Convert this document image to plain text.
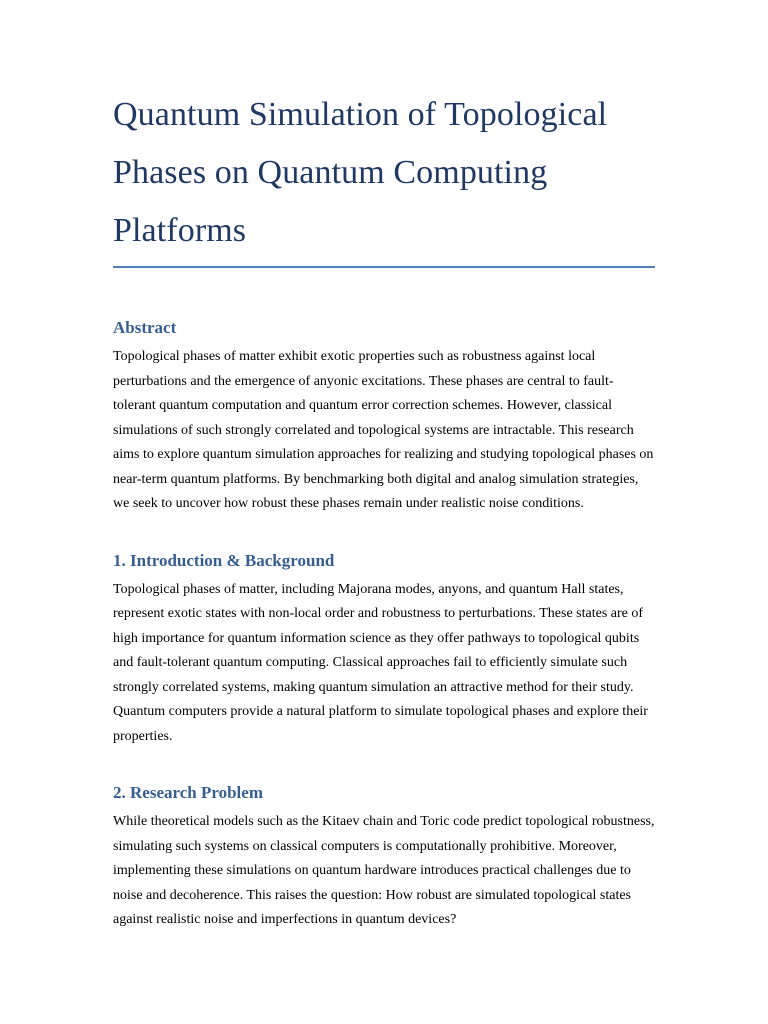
Quantum Simulation of Topological Phases on Quantum Computing Platforms
Abstract

Topological phases of matter exhibit exotic properties such as robustness against local perturbations and the emergence of anyonic excitations. These phases are central to fault-tolerant quantum computation and quantum error correction schemes. However, classical simulations of such strongly correlated and topological systems are intractable. This research aims to explore quantum simulation approaches for realizing and studying topological phases on near-term quantum platforms. By benchmarking both digital and analog simulation strategies, we seek to uncover how robust these phases remain under realistic noise conditions.

1. Introduction & Background

Topological phases of matter, including Majorana modes, anyons, and quantum Hall states, represent exotic states with non-local order and robustness to perturbations. These states are of high importance for quantum information science as they offer pathways to topological qubits and fault-tolerant quantum computing. Classical approaches fail to efficiently simulate such strongly correlated systems, making quantum simulation an attractive method for their study. Quantum computers provide a natural platform to simulate topological phases and explore their properties.

2. Research Problem

While theoretical models such as the Kitaev chain and Toric code predict topological robustness, simulating such systems on classical computers is computationally prohibitive. Moreover, implementing these simulations on quantum hardware introduces practical challenges due to noise and decoherence. This raises the question: How robust are simulated topological states against realistic noise and imperfections in quantum devices?
